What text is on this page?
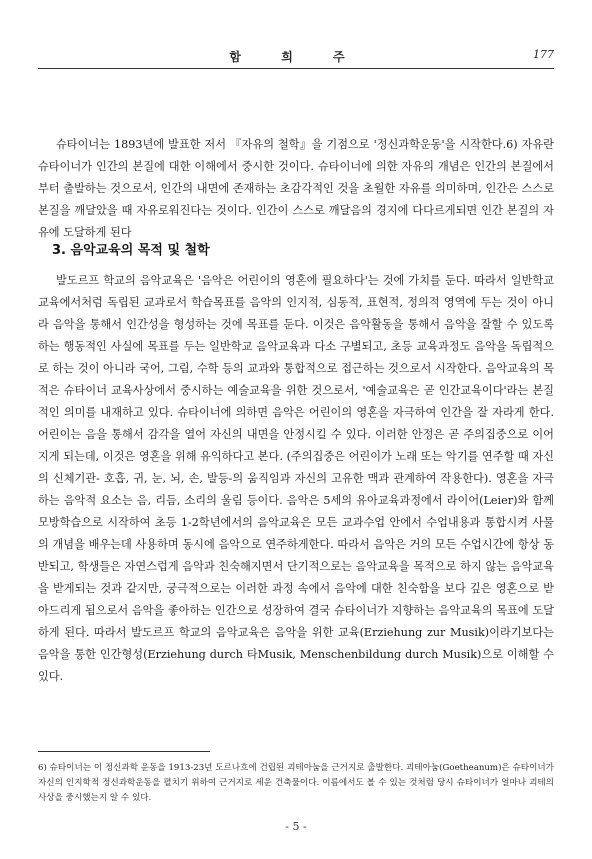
함 희 주	177

슈타이너는 1893년에 발표한 저서 『자유의 철학』을 기점으로 '정신과학운동'을 시작한다.6) 자유란 슈타이너가 인간의 본질에 대한 이해에서 중시한 것이다. 슈타이너에 의한 자유의 개념은 인간의 본질에서부터 출발하는 것으로서, 인간의 내면에 존재하는 초감각적인 것을 초월한 자유를 의미하며, 인간은 스스로 본질을 깨달았을 때 자유로워진다는 것이다. 인간이 스스로 깨달음의 경지에 다다르게되면 인간 본질의 자유에 도달하게 된다

3. 음악교육의 목적 및 철학

발도르프 학교의 음악교육은 '음악은 어린이의 영혼에 필요하다'는 것에 가치를 둔다. 따라서 일반학교 교육에서처럼 독립된 교과로서 학습목표를 음악의 인지적, 심동적, 표현적, 정의적 영역에 두는 것이 아니라 음악을 통해서 인간성을 형성하는 것에 목표를 둔다. 이것은 음악활동을 통해서 음악을 잘할 수 있도록 하는 행동적인 사실에 목표를 두는 일반학교 음악교육과 다소 구별되고, 초등 교육과정도 음악을 독립적으로 하는 것이 아니라 국어, 그림, 수학 등의 교과와 통합적으로 접근하는 것으로서 시작한다. 음악교육의 목적은 슈타이너 교육사상에서 중시하는 예술교육을 위한 것으로서, '예술교육은 곧 인간교육이다'라는 본질적인 의미를 내재하고 있다. 슈타이너에 의하면 음악은 어린이의 영혼을 자극하여 인간을 잘 자라게 한다. 어린이는 음을 통해서 감각을 열어 자신의 내면을 안정시킬 수 있다. 이러한 안정은 곧 주의집중으로 이어지게 되는데, 이것은 영혼을 위해 유익하다고 본다. (주의집중은 어린이가 노래 또는 악기를 연주할 때 자신의 신체기관- 호흡, 귀, 눈, 뇌, 손, 발등-의 움직임과 자신의 고유한 맥과 관계하여 작용한다). 영혼을 자극하는 음악적 요소는 음, 리듬, 소리의 울림 등이다. 음악은 5세의 유아교육과정에서 라이어(Leier)와 함께 모방학습으로 시작하여 초등 1-2학년에서의 음악교육은 모든 교과수업 안에서 수업내용과 통합시켜 사물의 개념을 배우는데 사용하며 동시에 음악으로 연주하게한다. 따라서 음악은 거의 모든 수업시간에 항상 동반되고, 학생들은 자연스럽게 음악과 친숙해지면서 단기적으로는 음악교육을 목적으로 하지 않는 음악교육을 받게되는 것과 같지만, 궁극적으로는 이러한 과정 속에서 음악에 대한 친숙함을 보다 깊은 영혼으로 받아드리게 됨으로서 음악을 좋아하는 인간으로 성장하여 결국 슈타이너가 지향하는 음악교육의 목표에 도달하게 된다. 따라서 발도르프 학교의 음악교육은 음악을 위한 교육(Erziehung zur Musik)이라기보다는 음악을 통한 인간형성(Erziehung durch 타Musik, Menschenbildung durch Musik)으로 이해할 수 있다.

6) 슈타이너는 이 정신과학 운동을 1913-23년 도르나흐에 건립된 괴테아눔을 근거지로 출발한다. 괴테아눔(Goetheanum)은 슈타이너가 자신의 인지학적 정신과학운동을 펼치기 위하여 근거지로 세운 건축물이다. 이름에서도 볼 수 있는 것처럼 당시 슈타이너가 얼마나 괴테의 사상을 중시했는지 알 수 있다.

- 5 -
